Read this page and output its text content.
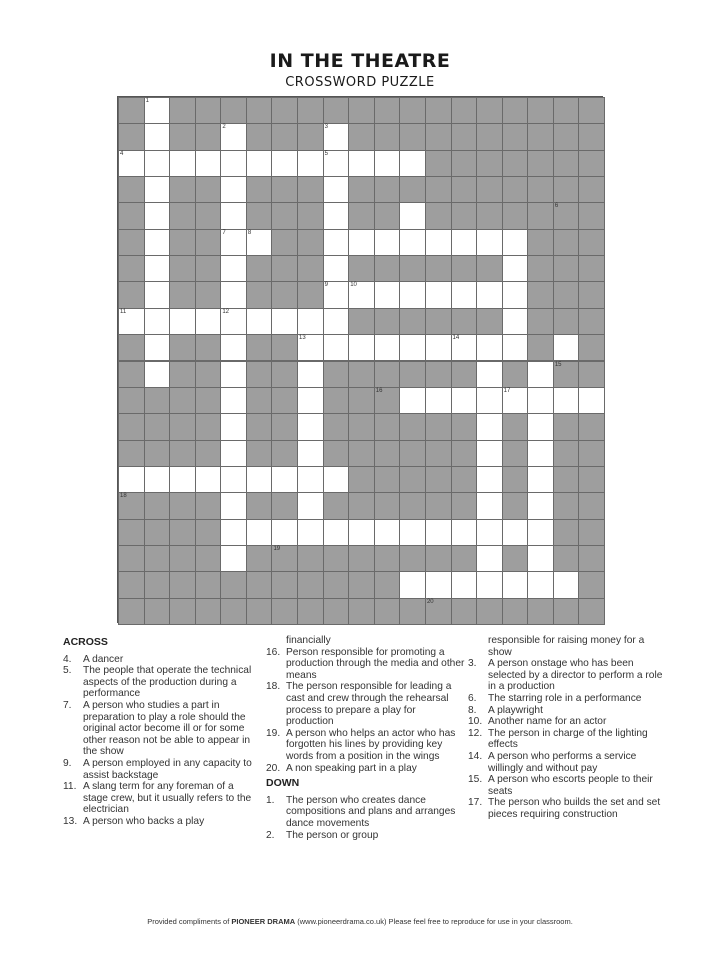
IN THE THEATRE
CROSSWORD PUZZLE
1
2	3
4	5
6
7	8
9	10
11	12
13	14
15
16	17
18
19
20
ACROSS
4.	A dancer
5.	The people that operate the technical aspects of the production during a performance
7.	A person who studies a part in preparation to play a role should the original actor become ill or for some other reason not be able to appear in the show
9.	A person employed in any capacity to assist backstage
11. A slang term for any foreman of a stage crew, but it usually refers to the electrician
13. A person who backs a play
financially
16. Person responsible for promoting a production through the media and other means
18. The person responsible for leading a cast and crew through the rehearsal process to prepare a play for production
19. A person who helps an actor who has forgotten his lines by providing key words from a position in the wings
20. A non speaking part in a play
DOWN
1.	The person who creates dance compositions and plans and arranges dance movements
2.	The person or group
responsible for raising money for a show
3.	A person onstage who has been selected by a director to perform a role in a production
6.	The starring role in a performance
8.	A playwright
10. Another name for an actor
12. The person in charge of the lighting effects
14. A person who performs a service willingly and without pay
15. A person who escorts people to their seats
17. The person who builds the set and set pieces requiring construction
Provided compliments of PIONEER DRAMA (www.pioneerdrama.co.uk) Please feel free to reproduce for use in your classroom.
